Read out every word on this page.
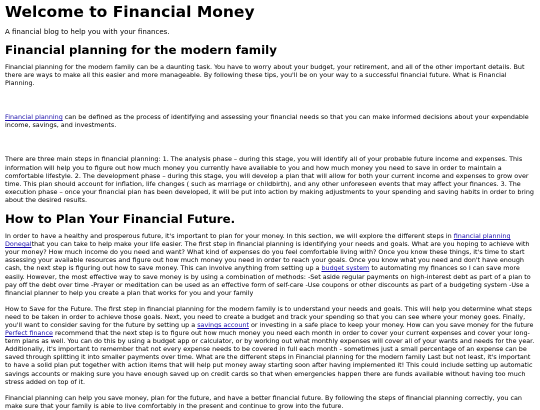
Welcome to Financial Money
A financial blog to help you with your finances.
Financial planning for the modern family

Financial planning for the modern family can be a daunting task. You have to worry about your budget, your retirement, and all of the other important details. But there are ways to make all this easier and more manageable. By following these tips, you'll be on your way to a successful financial future. What is Financial Planning.

Financial planning can be defined as the process of identifying and assessing your financial needs so that you can make informed decisions about your expendable income, savings, and investments.

There are three main steps in financial planning: 1. The analysis phase – during this stage, you will identify all of your probable future income and expenses. This information will help you to figure out how much money you currently have available to you and how much money you need to save in order to maintain a comfortable lifestyle. 2. The development phase – during this stage, you will develop a plan that will allow for both your current income and expenses to grow over time. This plan should account for inflation, life changes ( such as marriage or childbirth), and any other unforeseen events that may affect your finances. 3. The execution phase – once your financial plan has been developed, it will be put into action by making adjustments to your spending and saving habits in order to bring about the desired results.

How to Plan Your Financial Future.

In order to have a healthy and prosperous future, it's important to plan for your money. In this section, we will explore the different steps in financial planning Donegalthat you can take to help make your life easier. The first step in financial planning is identifying your needs and goals. What are you hoping to achieve with your money? How much income do you need and want? What kind of expenses do you feel comfortable living with? Once you know these things, it's time to start assessing your available resources and figure out how much money you need in order to reach your goals. Once you know what you need and don't have enough cash, the next step is figuring out how to save money. This can involve anything from setting up a budget system to automating my finances so I can save more easily. However, the most effective way to save money is by using a combination of methods: -Set aside regular payments on high-interest debt as part of a plan to pay off the debt over time -Prayer or meditation can be used as an effective form of self-care -Use coupons or other discounts as part of a budgeting system -Use a financial planner to help you create a plan that works for you and your family

How to Save for the Future. The first step in financial planning for the modern family is to understand your needs and goals. This will help you determine what steps need to be taken in order to achieve those goals. Next, you need to create a budget and track your spending so that you can see where your money goes. Finally, you'll want to consider saving for the future by setting up a savings account or investing in a safe place to keep your money. How can you save money for the future Perfect finance recommend that the next step is to figure out how much money you need each month in order to cover your current expenses and cover your long-term plans as well. You can do this by using a budget app or calculator, or by working out what monthly expenses will cover all of your wants and needs for the year. Additionally, it's important to remember that not every expense needs to be covered in full each month - sometimes just a small percentage of an expense can be saved through splitting it into smaller payments over time. What are the different steps in Financial planning for the modern family Last but not least, it's important to have a solid plan put together with action items that will help put money away starting soon after having implemented it! This could include setting up automatic savings accounts or making sure you have enough saved up on credit cards so that when emergencies happen there are funds available without having too much stress added on top of it.

Financial planning can help you save money, plan for the future, and have a better financial future. By following the steps of financial planning correctly, you can make sure that your family is able to live comfortably in the present and continue to grow into the future.
